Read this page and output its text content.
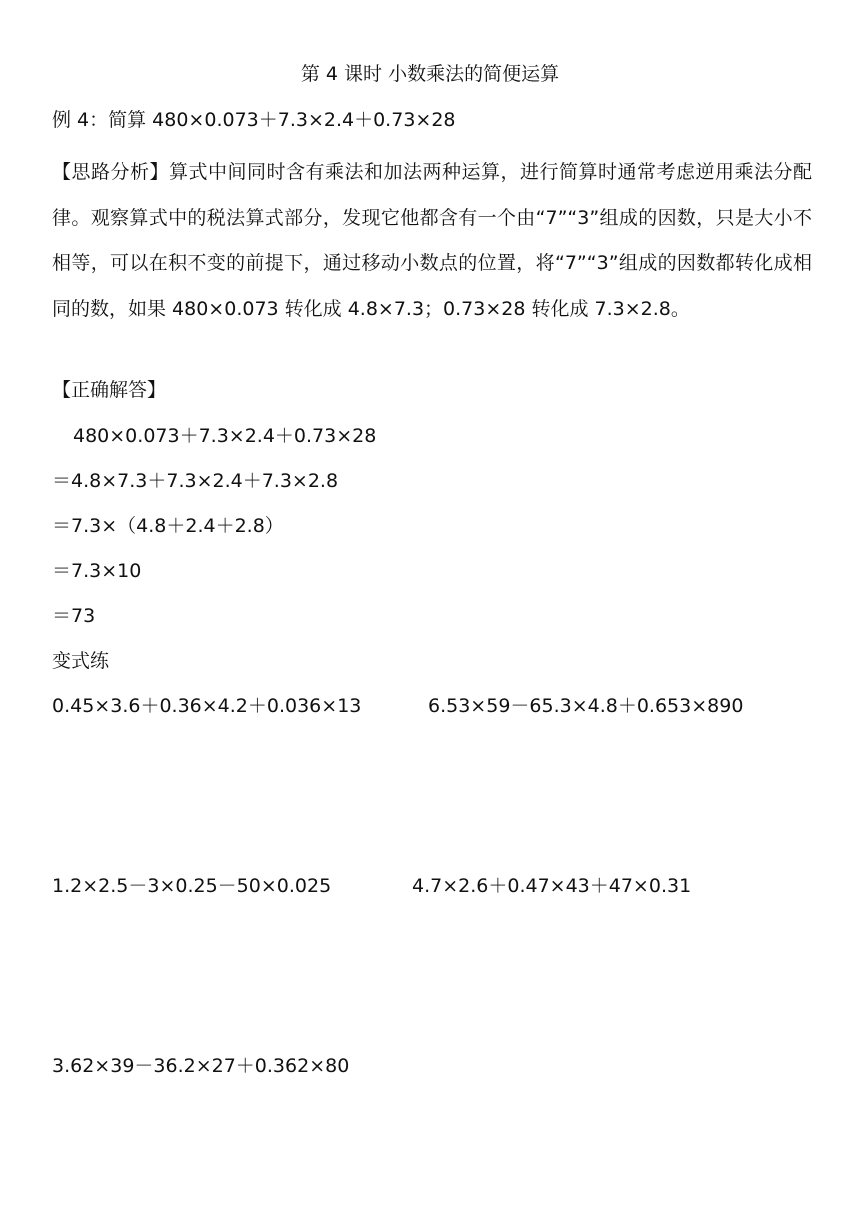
第 4 课时 小数乘法的简便运算
例 4：简算 480×0.073＋7.3×2.4＋0.73×28
【思路分析】算式中间同时含有乘法和加法两种运算，进行简算时通常考虑逆用乘法分配律。观察算式中的税法算式部分，发现它他都含有一个由“7”“3”组成的因数，只是大小不相等，可以在积不变的前提下，通过移动小数点的位置，将“7”“3”组成的因数都转化成相同的数，如果 480×0.073 转化成 4.8×7.3；0.73×28 转化成 7.3×2.8。
【正确解答】
480×0.073＋7.3×2.4＋0.73×28
＝4.8×7.3＋7.3×2.4＋7.3×2.8
＝7.3×（4.8＋2.4＋2.8）
＝7.3×10
＝73
变式练
0.45×3.6＋0.36×4.2＋0.036×13	6.53×59－65.3×4.8＋0.653×890
1.2×2.5－3×0.25－50×0.025	4.7×2.6＋0.47×43＋47×0.31
3.62×39－36.2×27＋0.362×80
